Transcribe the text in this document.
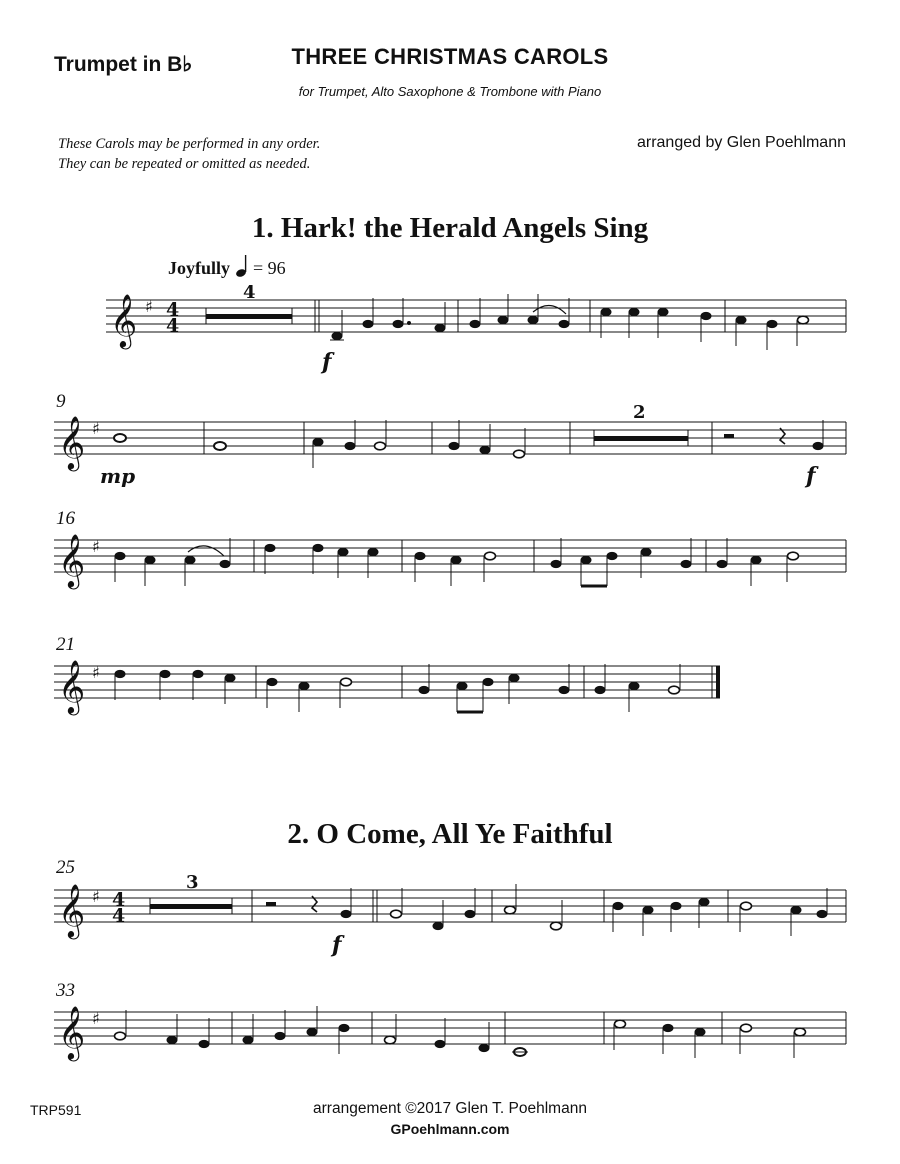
Trumpet in B♭	THREE CHRISTMAS CAROLS
for Trumpet, Alto Saxophone & Trombone with Piano
These Carols may be performed in any order.
They can be repeated or omitted as needed.
arranged by Glen Poehlmann
1. Hark! the Herald Angels Sing
Joyfully = 96
9
16
21
𝄞 ♯ 4
4
4
f
𝄞 ♯
2
mp	f
𝄞 ♯
𝄞 ♯
2. O Come, All Ye Faithful
25
33
𝄞 ♯ 4
4
3
f
𝄞 ♯
TRP591	arrangement ©2017 Glen T. Poehlmann
GPoehlmann.com
